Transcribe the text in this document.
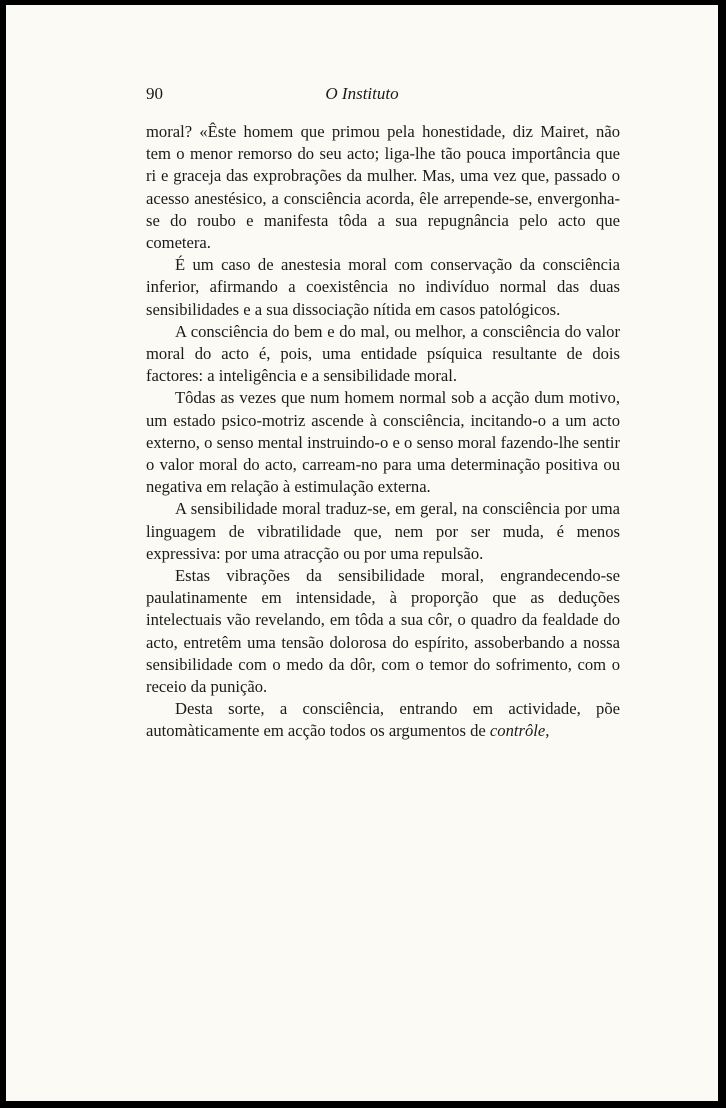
90	O Instituto

moral? «Êste homem que primou pela honestidade, diz Mairet, não tem o menor remorso do seu acto; liga-lhe tão pouca importância que ri e graceja das exprobrações da mulher. Mas, uma vez que, passado o acesso anestésico, a consciência acorda, êle arrepende-se, envergonha-se do roubo e manifesta tôda a sua repugnância pelo acto que cometera.

É um caso de anestesia moral com conservação da consciência inferior, afirmando a coexistência no indivíduo normal das duas sensibilidades e a sua dissociação nítida em casos patológicos.

A consciência do bem e do mal, ou melhor, a consciência do valor moral do acto é, pois, uma entidade psíquica resultante de dois factores: a inteligência e a sensibilidade moral.

Tôdas as vezes que num homem normal sob a acção dum motivo, um estado psico-motriz ascende à consciência, incitando-o a um acto externo, o senso mental instruindo-o e o senso moral fazendo-lhe sentir o valor moral do acto, carream-no para uma determinação positiva ou negativa em relação à estimulação externa.

A sensibilidade moral traduz-se, em geral, na consciência por uma linguagem de vibratilidade que, nem por ser muda, é menos expressiva: por uma atracção ou por uma repulsão.

Estas vibrações da sensibilidade moral, engrandecendo-se paulatinamente em intensidade, à proporção que as deduções intelectuais vão revelando, em tôda a sua côr, o quadro da fealdade do acto, entretêm uma tensão dolorosa do espírito, assoberbando a nossa sensibilidade com o medo da dôr, com o temor do sofrimento, com o receio da punição.

Desta sorte, a consciência, entrando em actividade, põe automàticamente em acção todos os argumentos de contrôle,
